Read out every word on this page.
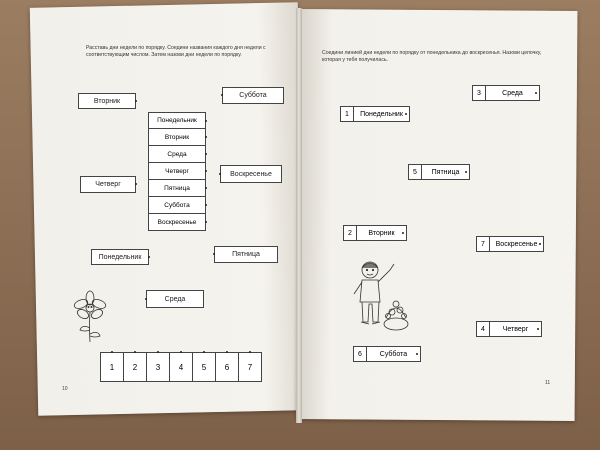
Расставь дни недели по порядку. Соедини названия каждого дня недели с соответствующим числом. Затем назови дни недели по порядку.

Вторник
Суббота
Четверг
Воскресенье
Понедельник	Пятница
Среда
Понедельник
Вторник
Среда
Четверг
Пятница
Суббота
Воскресенье
1 2 3 4 5 6 7
10

Соедини линией дни недели по порядку от понедельника до воскресенья. Назови цепочку, которая у тебя получилась.

3	Среда
1	Понедельник
5	Пятница
2	Вторник
7	Воскресенье
4	Четверг
6	Суббота
11
